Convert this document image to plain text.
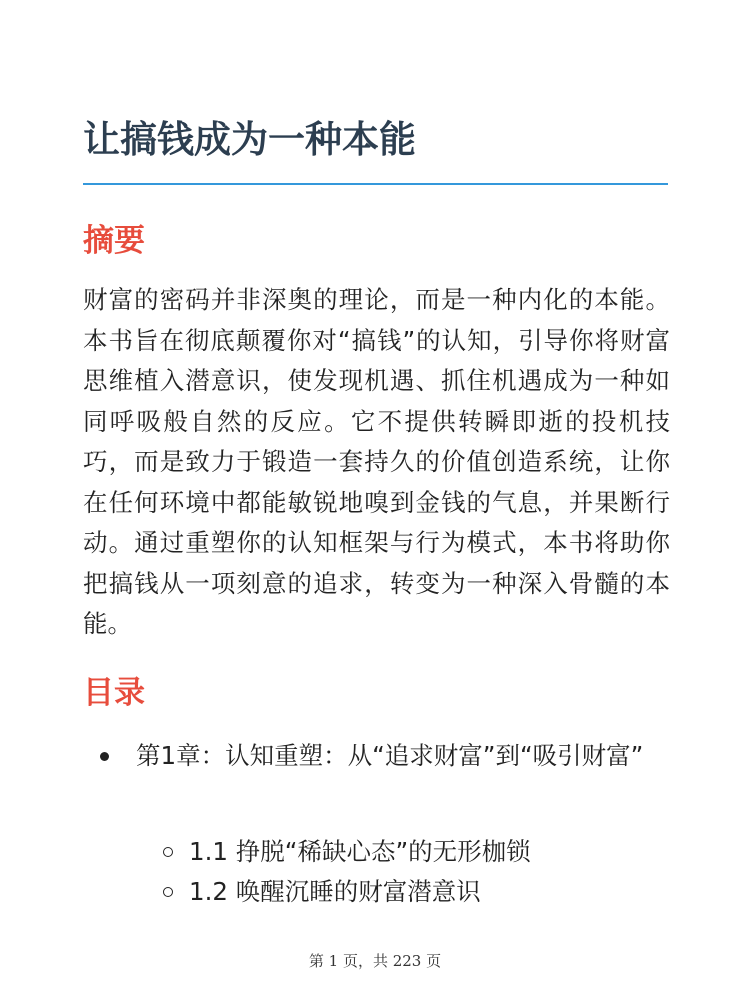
让搞钱成为一种本能
摘要

财富的密码并非深奥的理论，而是一种内化的本能。本书旨在彻底颠覆你对“搞钱”的认知，引导你将财富思维植入潜意识，使发现机遇、抓住机遇成为一种如同呼吸般自然的反应。它不提供转瞬即逝的投机技巧，而是致力于锻造一套持久的价值创造系统，让你在任何环境中都能敏锐地嗅到金钱的气息，并果断行动。通过重塑你的认知框架与行为模式，本书将助你把搞钱从一项刻意的追求，转变为一种深入骨髓的本能。

目录
第1章：认知重塑：从“追求财富”到“吸引财富”
1.1 挣脱“稀缺心态”的无形枷锁
1.2 唤醒沉睡的财富潜意识
第 1 页，共 223 页
